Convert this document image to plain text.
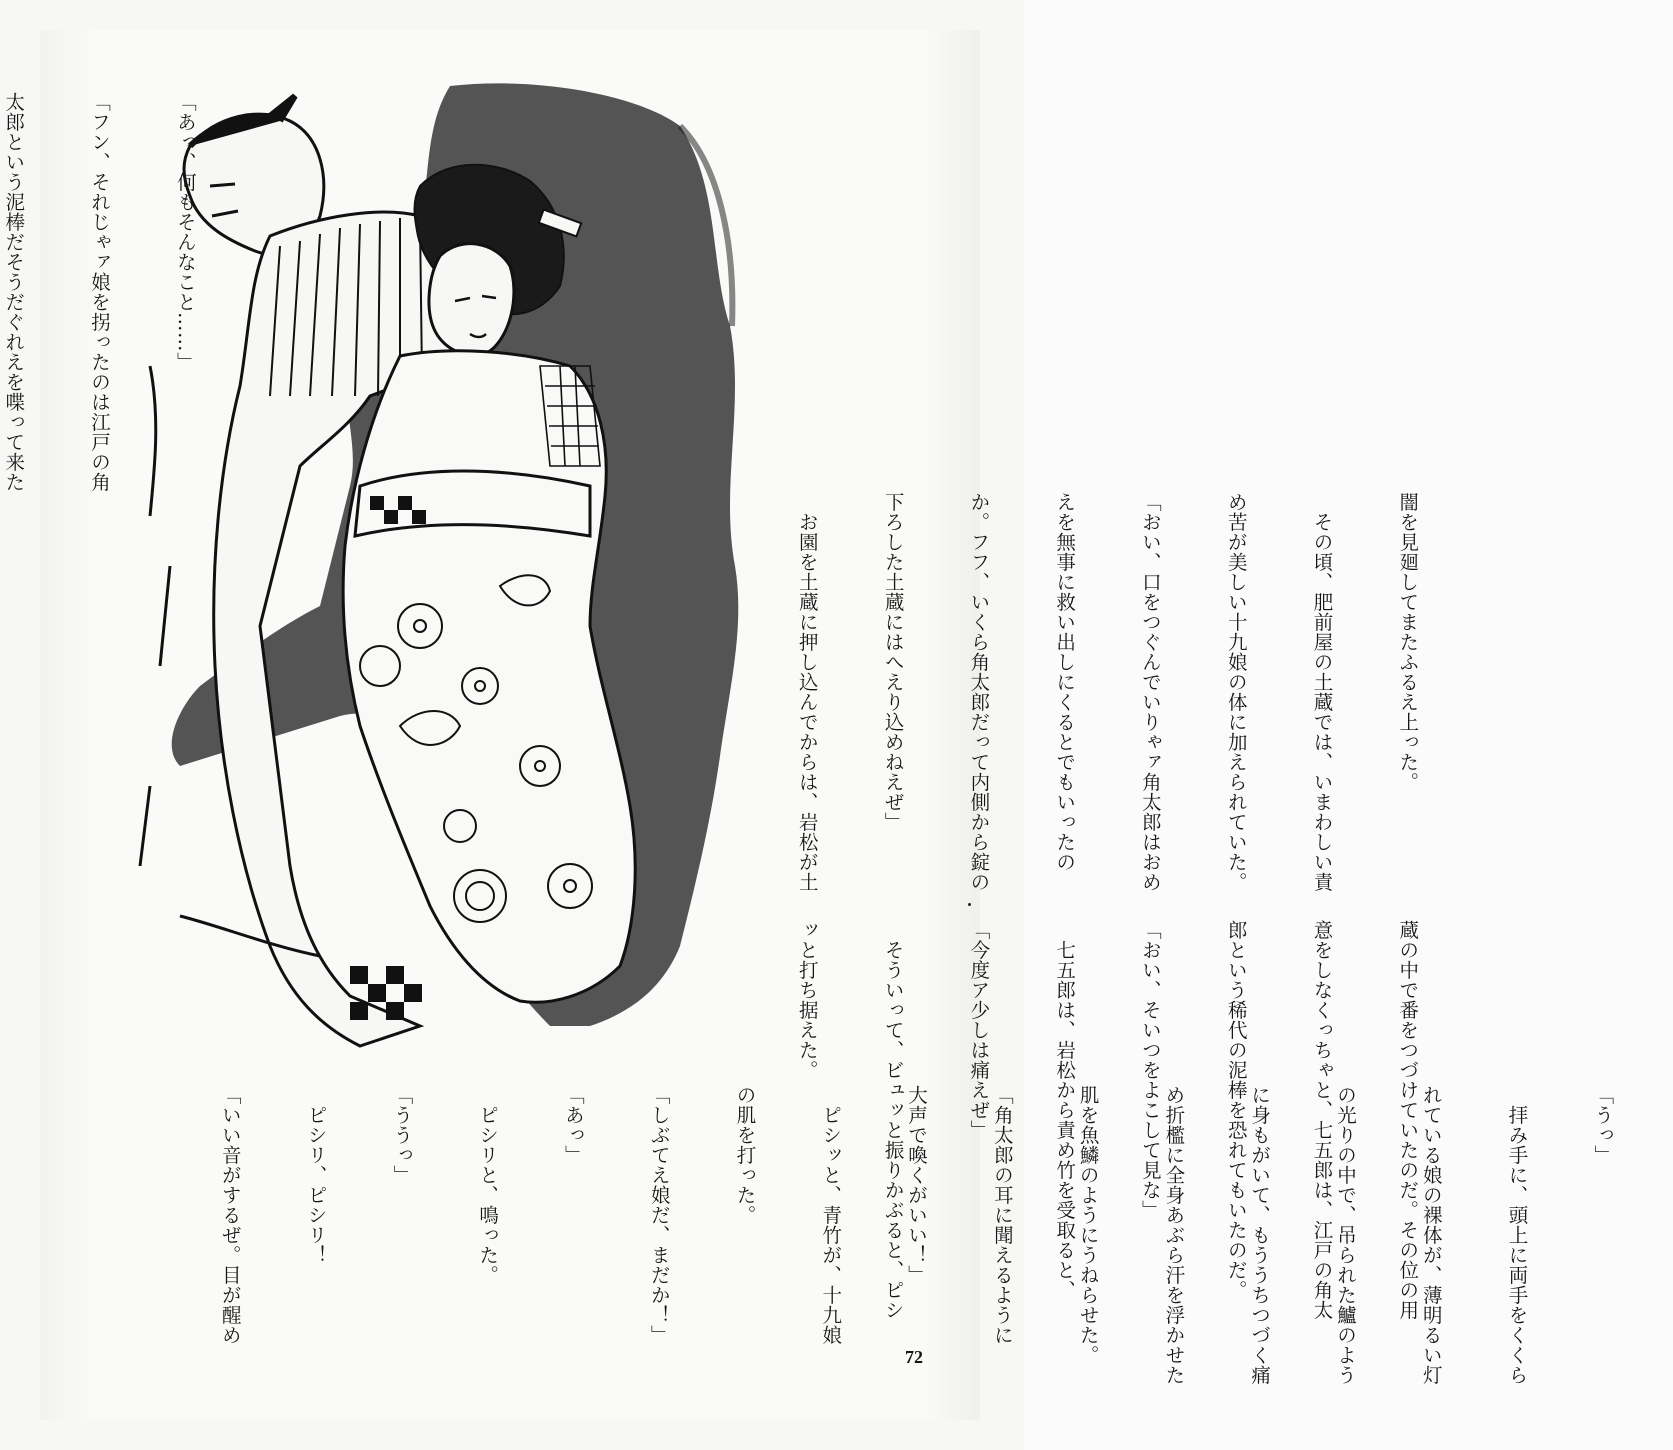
「あっ、何もそんなこと……」

「フン、それじゃァ娘を拐ったのは江戸の角

太郎という泥棒だそうだぐれえを喋って来た

闇を見廻してまたふるえ上った。

　その頃、肥前屋の土蔵では、いまわしい責

め苦が美しい十九娘の体に加えられていた。

「おい、口をつぐんでいりゃァ角太郎はおめ

えを無事に救い出しにくるとでもいったの

か。フフ、いくら角太郎だって内側から錠の

下ろした土蔵にはへえり込めねえぜ」

　お園を土蔵に押し込んでからは、岩松が土

蔵の中で番をつづけていたのだ。その位の用

意をしなくっちゃと、七五郎は、江戸の角太

郎という稀代の泥棒を恐れてもいたのだ。

「おい、そいつをよこして見な」

　七五郎は、岩松から責め竹を受取ると、

「今度ア少しは痛えぜ」

　そういって、ビュッと振りかぶると、ピシ

ッと打ち据えた。

「うっ」

　拝み手に、頭上に両手をくくら

れている娘の裸体が、薄明るい灯

の光りの中で、吊られた鱸のよう

に身もがいて、もううちつづく痛

め折檻に全身あぶら汗を浮かせた

肌を魚鱗のようにうねらせた。

「角太郎の耳に聞えるように

大声で喚くがいい！」

　ピシッと、青竹が、十九娘

の肌を打った。

「しぶてえ娘だ、まだか！」

「あっ」

　ピシリと、鳴った。

「ううっ」

　ピシリ、ピシリ！

「いい音がするぜ。目が醒め

72
